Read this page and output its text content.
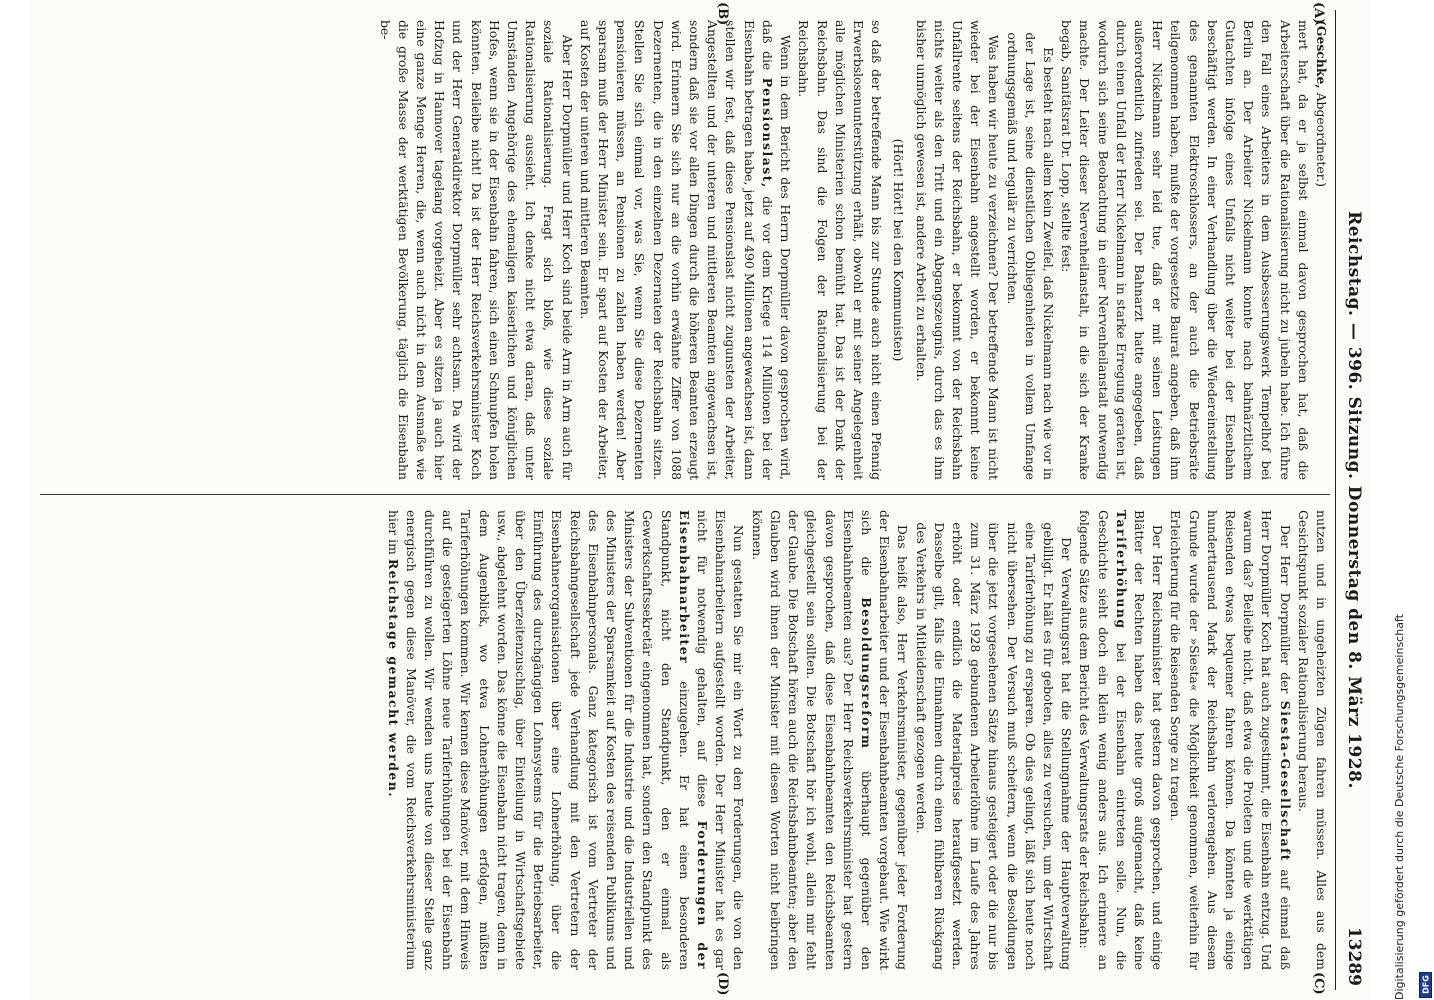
Reichstag. — 396. Sitzung. Donnerstag den 8. März 1928.
13289
(A)
(B)
(C)
(D)

(Geschke, Abgeordneter.)

mert hat, da er ja selbst einmal davon gesprochen hat, daß die Arbeiterschaft über die Rationalisierung nicht zu jubeln habe. Ich führe den Fall eines Arbeiters in dem Ausbesserungswerk Tempelhof bei Berlin an. Der Arbeiter Nickelmann konnte nach bahnärztlichem Gutachten infolge eines Unfalls nicht weiter bei der Eisenbahn beschäftigt werden. In einer Verhandlung über die Wiedereinstellung des genannten Elektroschlossers, an der auch die Betriebsräte teilgenommen haben, mußte der vorgesetzte Baurat angeben, daß ihm Herr Nickelmann sehr leid tue, daß er mit seinen Leistungen außerordentlich zufrieden sei. Der Bahnarzt hatte angegeben, daß durch einen Unfall der Herr Nickelmann in starke Erregung geraten ist, wodurch sich seine Beobachtung in einer Nervenheilanstalt notwendig machte. Der Leiter dieser Nervenheilanstalt, in die sich der Kranke begab, Sanitätsrat Dr. Lopp, stellte fest:

Es besteht nach allem kein Zweifel, daß Nickelmann nach wie vor in der Lage ist, seine dienstlichen Obliegenheiten in vollem Umfange ordnungsgemäß und regulär zu verrichten.

Was haben wir heute zu verzeichnen? Der betreffende Mann ist nicht wieder bei der Eisenbahn angestellt worden, er bekommt keine Unfallrente seitens der Reichsbahn, er bekommt von der Reichsbahn nichts weiter als den Tritt und ein Abgangszeugnis, durch das es ihm bisher unmöglich gewesen ist, andere Arbeit zu erhalten.

(Hört! Hört! bei den Kommunisten)

so daß der betreffende Mann bis zur Stunde auch nicht einen Pfennig Erwerbslosenunterstützung erhält, obwohl er mit seiner Angelegenheit alle möglichen Ministerien schon bemüht hat. Das ist der Dank der Reichsbahn. Das sind die Folgen der Rationalisierung bei der Reichsbahn.

Wenn in dem Bericht des Herrn Dorpmüller davon gesprochen wird, daß die Pensionslast, die vor dem Kriege 114 Millionen bei der Eisenbahn betragen habe, jetzt auf 490 Millionen angewachsen ist, dann stellen wir fest, daß diese Pensionslast nicht zugunsten der Arbeiter, Angestellten und der unteren und mittleren Beamten angewachsen ist, sondern daß sie vor allen Dingen durch die höheren Beamten erzeugt wird. Erinnern Sie sich nur an die vorhin erwähnte Ziffer von 1088 Dezernenten, die in den einzelnen Dezernaten der Reichsbahn sitzen. Stellen Sie sich einmal vor, was Sie, wenn Sie diese Dezernenten pensionieren müssen, an Pensionen zu zahlen haben werden! Aber sparsam muß der Herr Minister sein. Er spart auf Kosten der Arbeiter, auf Kosten der unteren und mittleren Beamten.

Aber Herr Dorpmüller und Herr Koch sind beide Arm in Arm auch für soziale Rationalisierung. Fragt sich bloß, wie diese soziale Rationalisierung aussieht. Ich denke nicht etwa daran, daß unter Umständen Angehörige des ehemaligen kaiserlichen und königlichen Hofes, wenn sie in der Eisenbahn fahren, sich einen Schnupfen holen könnten. Beileibe nicht! Da ist der Herr Reichsverkehrsminister Koch und der Herr Generaldirektor Dorpmüller sehr achtsam. Da wird der Hofzug in Hannover tagelang vorgeheizt. Aber es sitzen ja auch hier eine ganze Menge Herren, die, wenn auch nicht in dem Ausmaße wie die große Masse der werktätigen Bevölkerung, täglich die Eisenbahn be-

nutzen und in ungeheizten Zügen fahren müssen. Alles aus dem Gesichtspunkt sozialer Rationalisierung heraus.

Der Herr Dorpmüller der Siesta-Gesellschaft auf einmal daß Herr Dorpmüller Koch hat auch zugestimmt, die Eisenbahn entzug. Und warum das? Beileibe nicht, daß etwa die Proleten und die werktätigen Reisenden etwas bequemer fahren können. Da könnten ja einige hunderttausend Mark der Reichsbahn verlorengehen. Aus diesem Grunde wurde der »Siesta« die Möglichkeit genommen, weiterhin für Erleichterung für die Reisenden Sorge zu tragen.

Der Herr Reichsminister hat gestern davon gesprochen, und einige Blätter der Rechten haben das heute groß aufgemacht, daß keine Tariferhöhung bei der Eisenbahn eintreten solle. Nun, die Geschichte sieht doch ein klein wenig anders aus. Ich erinnere an folgende Sätze aus dem Bericht des Verwaltungsrats der Reichsbahn:

Der Verwaltungsrat hat die Stellungnahme der Hauptverwaltung gebilligt. Er hält es für geboten, alles zu versuchen, um der Wirtschaft eine Tariferhöhung zu ersparen. Ob dies gelingt, läßt sich heute noch nicht übersehen. Der Versuch muß scheitern, wenn die Besoldungen über die jetzt vorgesehenen Sätze hinaus gesteigert oder die nur bis zum 31. März 1928 gebundenen Arbeiterlöhne im Laufe des Jahres erhöht oder endlich die Materialpreise heraufgesetzt werden. Dasselbe gilt, falls die Einnahmen durch einen fühlbaren Rückgang des Verkehrs in Mitleidenschaft gezogen werden.

Das heißt also, Herr Verkehrsminister, gegenüber jeder Forderung der Eisenbahnarbeiter und der Eisenbahnbeamten vorgebaut. Wie wirkt sich die Besoldungsreform überhaupt gegenüber den Eisenbahnbeamten aus? Der Herr Reichsverkehrsminister hat gestern davon gesprochen, daß diese Eisenbahnbeamten den Reichsbeamten gleichgestellt sein sollten. Die Botschaft hör ich wohl, allein mir fehlt der Glaube. Die Botschaft hören auch die Reichsbahnbeamten; aber den Glauben wird ihnen der Minister mit diesen Worten nicht beibringen können.

Nun gestatten Sie mir ein Wort zu den Forderungen, die von den Eisenbahnarbeitern aufgestellt worden. Der Herr Minister hat es gar nicht für notwendig gehalten, auf diese Forderungen der Eisenbahnarbeiter einzugehen. Er hat einen besonderen Standpunkt, nicht den Standpunkt, den er einmal als Gewerkschaftssekretär eingenommen hat, sondern den Standpunkt des Ministers der Subventionen für die Industrie und die Industriellen und des Ministers der Sparsamkeit auf Kosten des reisenden Publikums und des Eisenbahnpersonals. Ganz kategorisch ist vom Vertreter der Reichsbahngesellschaft jede Verhandlung mit den Vertretern der Eisenbahnerorganisationen über eine Lohnerhöhung, über die Einführung des durchgängigen Lohnsystems für die Betriebsarbeiter, über den Überzeitenzuschlag, über Einteilung in Wirtschaftsgebiete usw., abgelehnt worden. Das könne die Eisenbahn nicht tragen, denn in dem Augenblick, wo etwa Lohnerhöhungen erfolgen, müßten Tariferhöhungen kommen. Wir kennen diese Manöver, mit dem Hinweis auf die gesteigerten Löhne neue Tariferhöhungen bei der Eisenbahn durchführen zu wollen. Wir wenden uns heute von dieser Stelle ganz energisch gegen diese Manöver, die vom Reichsverkehrsministerium hier im Reichstage gemacht werden.	Digitalisierung gefördert durch die Deutsche Forschungsgemeinschaft	DFG
